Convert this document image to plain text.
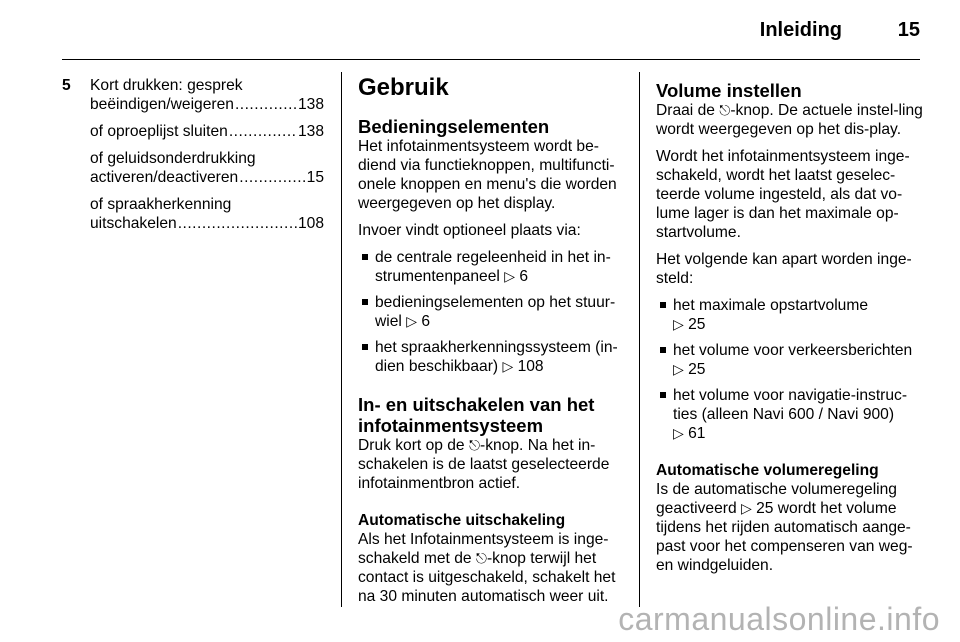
Inleiding	15
5 Kort drukken: gesprek
beëindigen/weigeren .....	138
of oproeplijst sluiten .....	138
of geluidsonderdrukking
activeren/deactiveren .....	15
of spraakherkenning
uitschakelen .....	108
Gebruik
Bedieningselementen

Het infotainmentsysteem wordt be-diend via functieknoppen, multifuncti-onele knoppen en menu's die worden weergegeven op het display.

Invoer vindt optioneel plaats via:

de centrale regeleenheid in het in-strumentenpaneel ▷ 6
bedieningselementen op het stuur-wiel ▷ 6
het spraakherkenningssysteem (in-dien beschikbaar) ▷ 108
In- en uitschakelen van het infotainmentsysteem

Druk kort op de ⎋-knop. Na het in-schakelen is de laatst geselecteerde infotainmentbron actief.

Automatische uitschakeling

Als het Infotainmentsysteem is inge-schakeld met de ⎋-knop terwijl het contact is uitgeschakeld, schakelt het na 30 minuten automatisch weer uit.

Volume instellen

Draai de ⎋-knop. De actuele instel-ling wordt weergegeven op het dis-play.

Wordt het infotainmentsysteem inge-schakeld, wordt het laatst geselec-teerde volume ingesteld, als dat vo-lume lager is dan het maximale op-startvolume.

Het volgende kan apart worden inge-steld:

het maximale opstartvolume
▷ 25
het volume voor verkeersberichten
▷ 25
het volume voor navigatie-instruc-ties (alleen Navi 600 / Navi 900)
▷ 61
Automatische volumeregeling

Is de automatische volumeregeling geactiveerd ▷ 25 wordt het volume tijdens het rijden automatisch aange-past voor het compenseren van weg-en windgeluiden.

carmanualsonline.info
